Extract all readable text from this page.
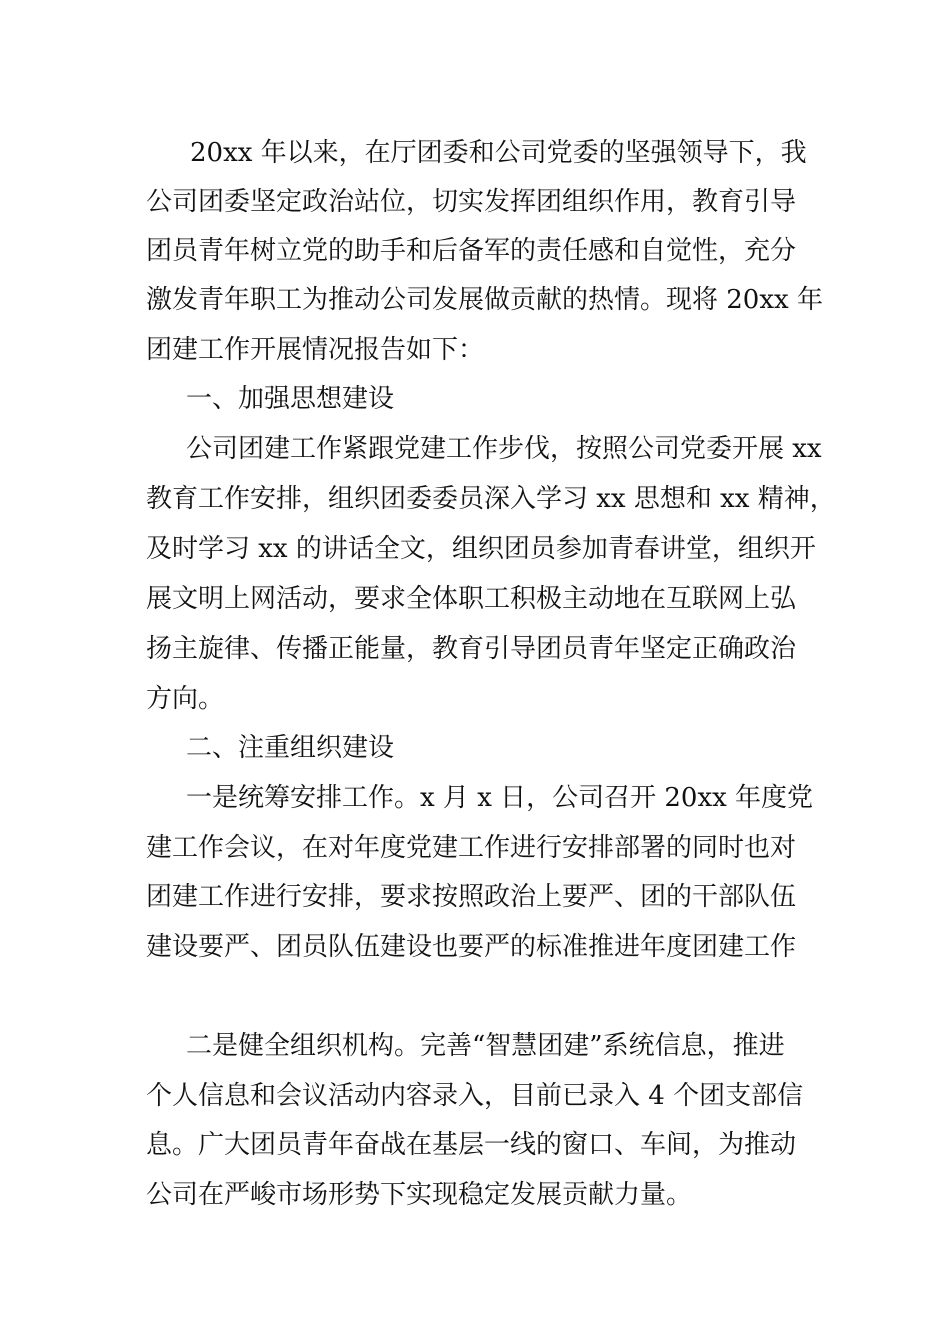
20xx 年以来，在厅团委和公司党委的坚强领导下，我
公司团委坚定政治站位，切实发挥团组织作用，教育引导
团员青年树立党的助手和后备军的责任感和自觉性，充分
激发青年职工为推动公司发展做贡献的热情。现将 20xx 年
团建工作开展情况报告如下：
一、加强思想建设
公司团建工作紧跟党建工作步伐，按照公司党委开展 xx
教育工作安排，组织团委委员深入学习 xx 思想和 xx 精神，
及时学习 xx 的讲话全文，组织团员参加青春讲堂，组织开
展文明上网活动，要求全体职工积极主动地在互联网上弘
扬主旋律、传播正能量，教育引导团员青年坚定正确政治
方向。
二、注重组织建设
一是统筹安排工作。x 月 x 日，公司召开 20xx 年度党
建工作会议，在对年度党建工作进行安排部署的同时也对
团建工作进行安排，要求按照政治上要严、团的干部队伍
建设要严、团员队伍建设也要严的标准推进年度团建工作
二是健全组织机构。完善“智慧团建”系统信息，推进
个人信息和会议活动内容录入，目前已录入 4 个团支部信
息。广大团员青年奋战在基层一线的窗口、车间，为推动
公司在严峻市场形势下实现稳定发展贡献力量。
